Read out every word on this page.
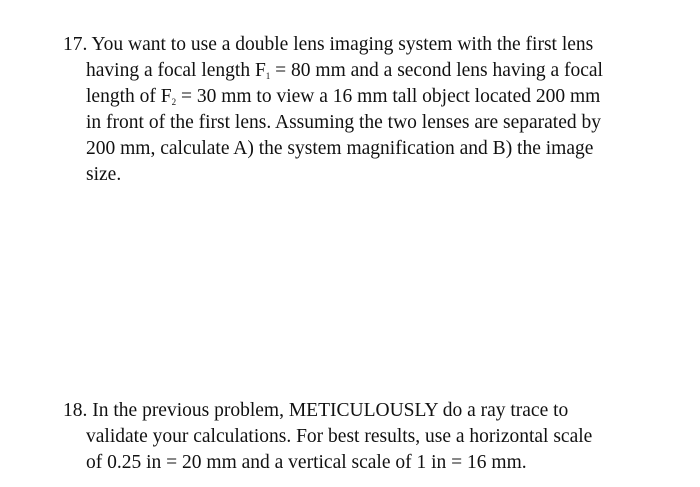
17. You want to use a double lens imaging system with the first lens
having a focal length $F_1 = 80$ mm and a second lens having a focal
length of $F_2 = 30$ mm to view a 16 mm tall object located 200 mm
in front of the first lens. Assuming the two lenses are separated by
200 mm, calculate A) the system magnification and B) the image
size.
18. In the previous problem, METICULOUSLY do a ray trace to
validate your calculations. For best results, use a horizontal scale
of 0.25 in = 20 mm and a vertical scale of 1 in = 16 mm.
